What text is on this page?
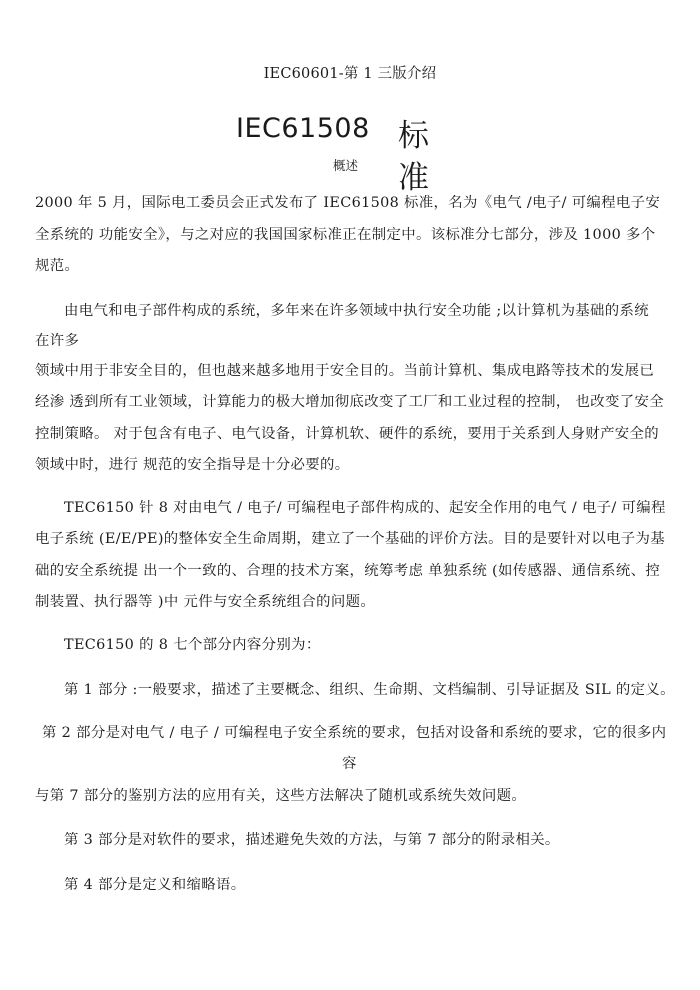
IEC60601-第 1 三版介绍
IEC61508 标
准
概述
2000 年 5 月，国际电工委员会正式发布了 IEC61508 标准，名为《电气 /电子/ 可编程电子安
全系统的 功能安全》，与之对应的我国国家标准正在制定中。该标准分七部分，涉及 1000 多个
规范。
由电气和电子部件构成的系统，多年来在许多领域中执行安全功能 ;以计算机为基础的系统
在许多
领域中用于非安全目的，但也越来越多地用于安全目的。当前计算机、集成电路等技术的发展已
经渗 透到所有工业领域，计算能力的极大增加彻底改变了工厂和工业过程的控制， 也改变了安全
控制策略。 对于包含有电子、电气设备，计算机软、硬件的系统，要用于关系到人身财产安全的
领域中时，进行 规范的安全指导是十分必要的。
TEC6150 针 8 对由电气 / 电子/ 可编程电子部件构成的、起安全作用的电气 / 电子/ 可编程
电子系统 (E/E/PE)的整体安全生命周期，建立了一个基础的评价方法。目的是要针对以电子为基
础的安全系统提 出一个一致的、合理的技术方案，统筹考虑 单独系统 (如传感器、通信系统、控
制装置、执行器等 )中 元件与安全系统组合的问题。
TEC6150 的 8 七个部分内容分别为：
第 1 部分 :一般要求，描述了主要概念、组织、生命期、文档编制、引导证据及 SIL 的定义。
第 2 部分是对电气 / 电子 / 可编程电子安全系统的要求，包括对设备和系统的要求，它的很多内
容
与第 7 部分的鉴别方法的应用有关，这些方法解决了随机或系统失效问题。
第 3 部分是对软件的要求，描述避免失效的方法，与第 7 部分的附录相关。
第 4 部分是定义和缩略语。
